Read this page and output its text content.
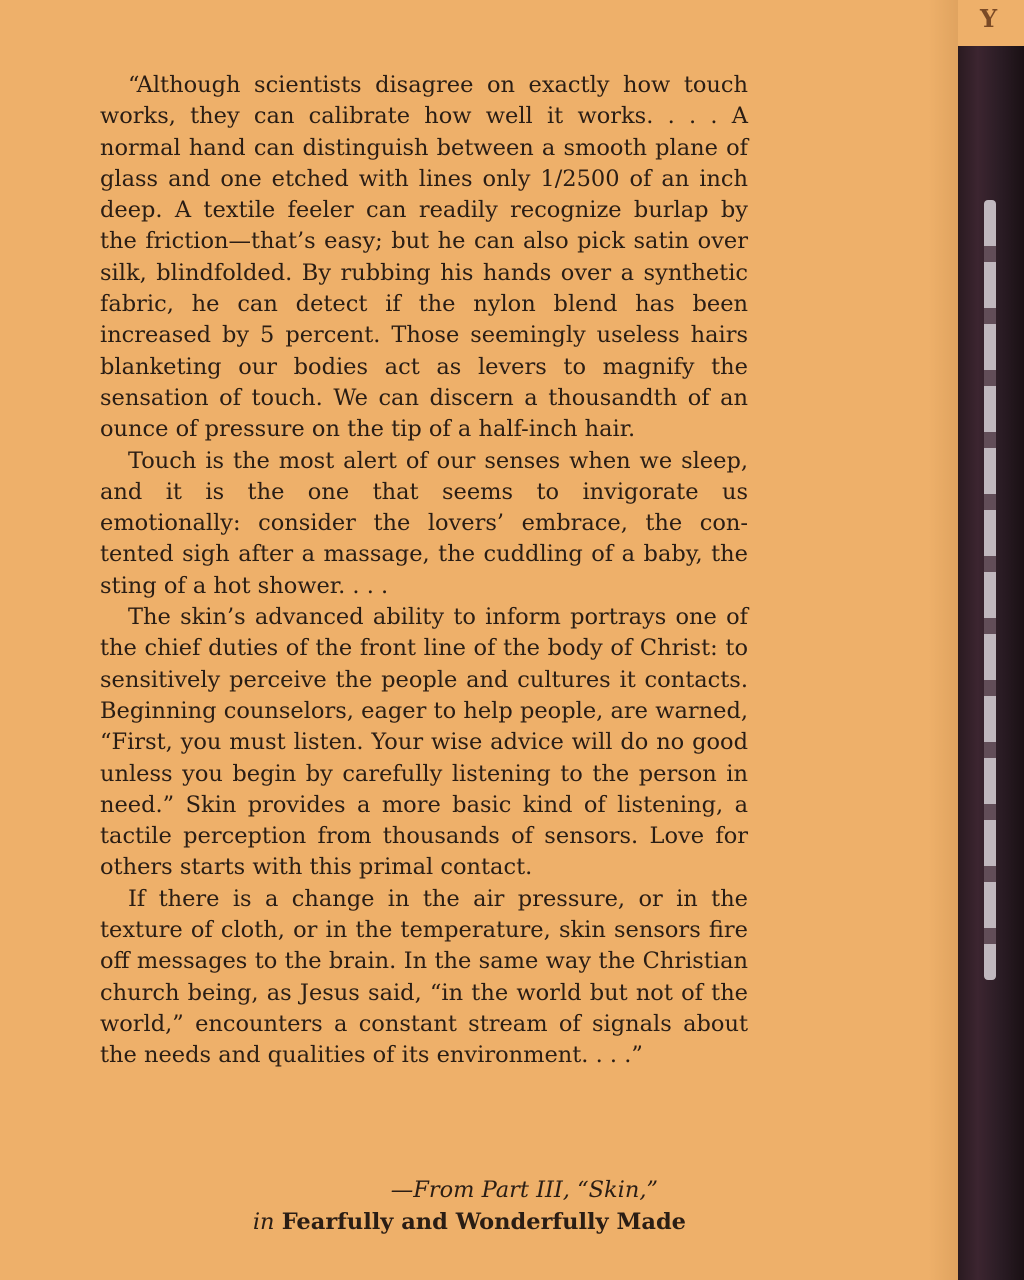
“Although scientists disagree on exactly how touch works, they can calibrate how well it works. . . . A normal hand can distinguish between a smooth plane of glass and one etched with lines only 1/2500 of an inch deep. A textile feeler can readily recognize burlap by the friction—that’s easy; but he can also pick satin over silk, blindfolded. By rubbing his hands over a synthetic fabric, he can detect if the nylon blend has been increased by 5 percent. Those seemingly useless hairs blanketing our bodies act as levers to magnify the sensation of touch. We can discern a thousandth of an ounce of pressure on the tip of a half-inch hair.

Touch is the most alert of our senses when we sleep, and it is the one that seems to invigorate us emotionally: consider the lovers’ embrace, the contented sigh after a massage, the cuddling of a baby, the sting of a hot shower. . . .

The skin’s advanced ability to inform portrays one of the chief duties of the front line of the body of Christ: to sensitively perceive the people and cultures it contacts. Beginning counselors, eager to help people, are warned, “First, you must listen. Your wise advice will do no good unless you begin by carefully listening to the person in need.” Skin provides a more basic kind of listening, a tactile perception from thousands of sensors. Love for others starts with this primal contact.

If there is a change in the air pressure, or in the texture of cloth, or in the temperature, skin sensors fire off messages to the brain. In the same way the Christian church being, as Jesus said, “in the world but not of the world,” encounters a constant stream of signals about the needs and qualities of its environment. . . .”

—From Part III, “Skin,”
in Fearfully and Wonderfully Made
Y
